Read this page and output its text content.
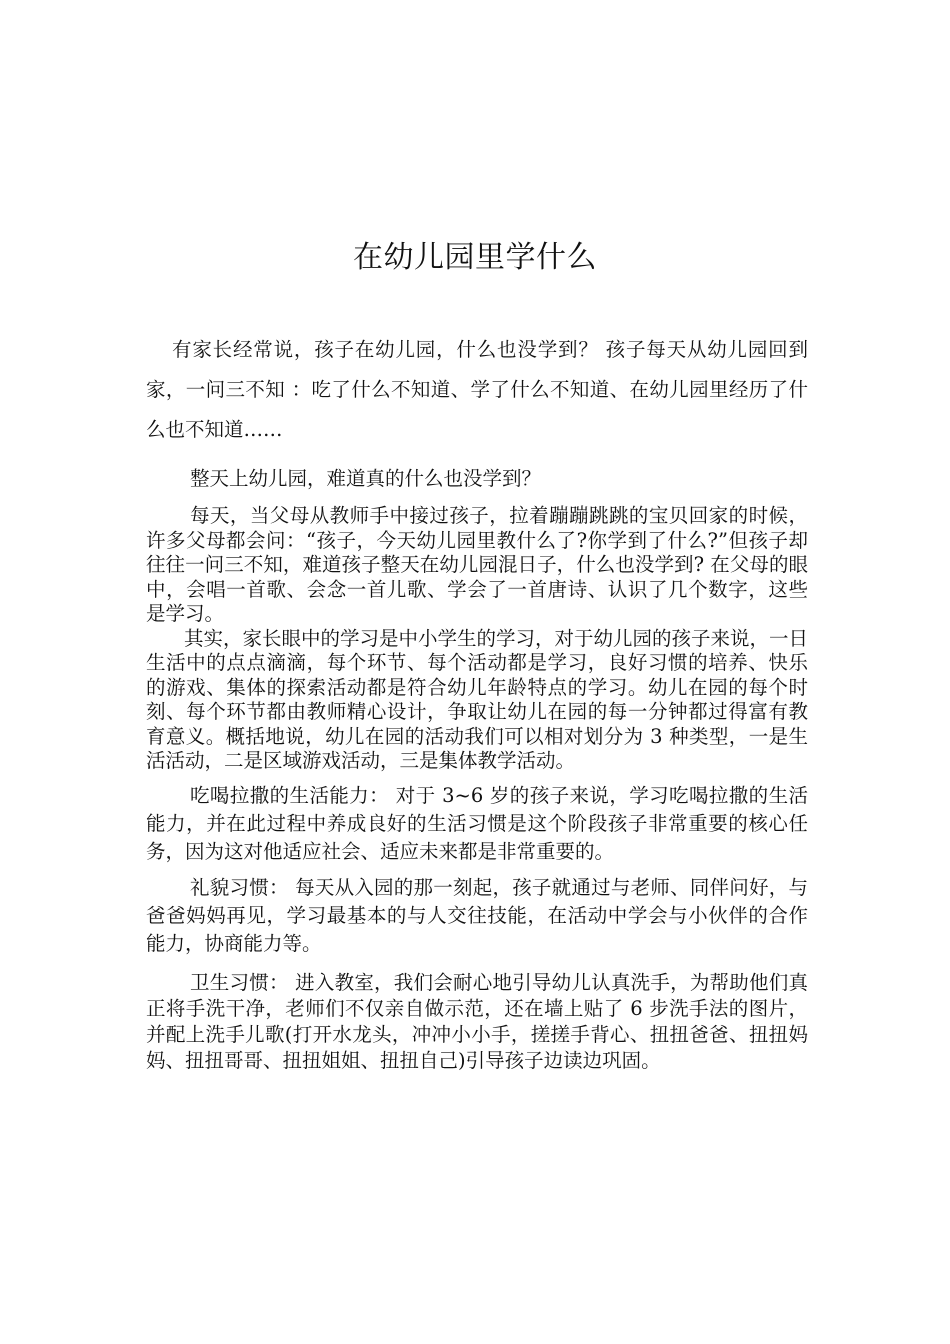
在幼儿园里学什么

有家长经常说，孩子在幼儿园，什么也没学到？ 孩子每天从幼儿园回到家，一问三不知 ：吃了什么不知道、学了什么不知道、在幼儿园里经历了什么也不知道……

整天上幼儿园，难道真的什么也没学到？

每天，当父母从教师手中接过孩子，拉着蹦蹦跳跳的宝贝回家的时候，许多父母都会问：“孩子，今天幼儿园里教什么了?你学到了什么?”但孩子却往往一问三不知，难道孩子整天在幼儿园混日子，什么也没学到? 在父母的眼中，会唱一首歌、会念一首儿歌、学会了一首唐诗、认识了几个数字，这些是学习。

其实，家长眼中的学习是中小学生的学习，对于幼儿园的孩子来说，一日生活中的点点滴滴，每个环节、每个活动都是学习，良好习惯的培养、快乐的游戏、集体的探索活动都是符合幼儿年龄特点的学习。幼儿在园的每个时刻、每个环节都由教师精心设计，争取让幼儿在园的每一分钟都过得富有教育意义。概括地说，幼儿在园的活动我们可以相对划分为 3 种类型，一是生活活动，二是区域游戏活动，三是集体教学活动。

吃喝拉撒的生活能力： 对于 3~6 岁的孩子来说，学习吃喝拉撒的生活能力，并在此过程中养成良好的生活习惯是这个阶段孩子非常重要的核心任务，因为这对他适应社会、适应未来都是非常重要的。

礼貌习惯： 每天从入园的那一刻起，孩子就通过与老师、同伴问好，与爸爸妈妈再见，学习最基本的与人交往技能，在活动中学会与小伙伴的合作能力，协商能力等。

卫生习惯： 进入教室，我们会耐心地引导幼儿认真洗手，为帮助他们真正将手洗干净，老师们不仅亲自做示范，还在墙上贴了 6 步洗手法的图片，并配上洗手儿歌(打开水龙头，冲冲小小手，搓搓手背心、扭扭爸爸、扭扭妈妈、扭扭哥哥、扭扭姐姐、扭扭自己)引导孩子边读边巩固。
